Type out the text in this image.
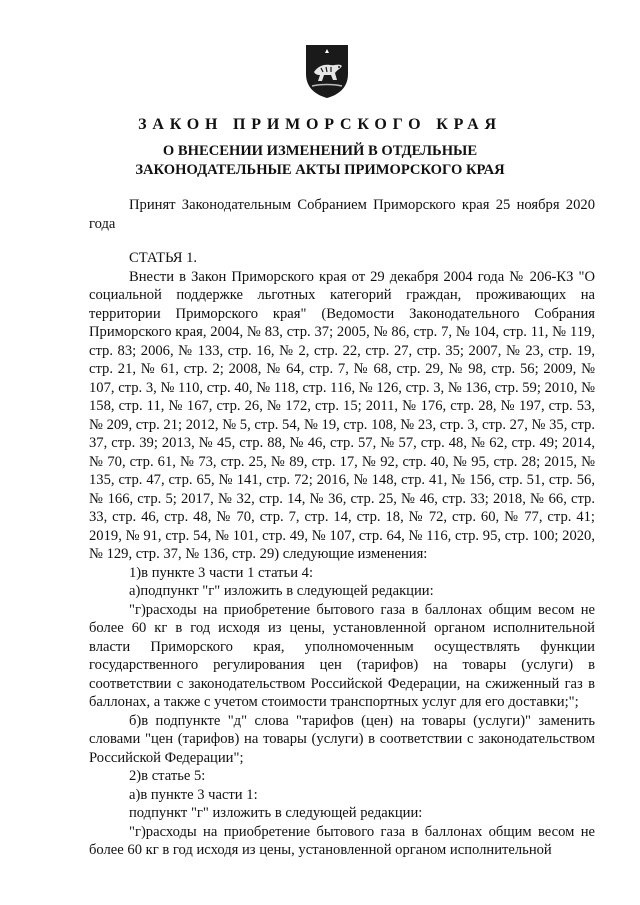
ЗАКОН ПРИМОРСКОГО КРАЯ
О ВНЕСЕНИИ ИЗМЕНЕНИЙ В ОТДЕЛЬНЫЕ
ЗАКОНОДАТЕЛЬНЫЕ АКТЫ ПРИМОРСКОГО КРАЯ

Принят Законодательным Собранием Приморского края 25 ноября 2020 года

СТАТЬЯ 1.

Внести в Закон Приморского края от 29 декабря 2004 года № 206-КЗ "О социальной поддержке льготных категорий граждан, проживающих на территории Приморского края" (Ведомости Законодательного Собрания Приморского края, 2004, № 83, стр. 37; 2005, № 86, стр. 7, № 104, стр. 11, № 119, стр. 83; 2006, № 133, стр. 16, № 2, стр. 22, стр. 27, стр. 35; 2007, № 23, стр. 19, стр. 21, № 61, стр. 2; 2008, № 64, стр. 7, № 68, стр. 29, № 98, стр. 56; 2009, № 107, стр. 3, № 110, стр. 40, № 118, стр. 116, № 126, стр. 3, № 136, стр. 59; 2010, № 158, стр. 11, № 167, стр. 26, № 172, стр. 15; 2011, № 176, стр. 28, № 197, стр. 53, № 209, стр. 21; 2012, № 5, стр. 54, № 19, стр. 108, № 23, стр. 3, стр. 27, № 35, стр. 37, стр. 39; 2013, № 45, стр. 88, № 46, стр. 57, № 57, стр. 48, № 62, стр. 49; 2014, № 70, стр. 61, № 73, стр. 25, № 89, стр. 17, № 92, стр. 40, № 95, стр. 28; 2015, № 135, стр. 47, стр. 65, № 141, стр. 72; 2016, № 148, стр. 41, № 156, стр. 51, стр. 56, № 166, стр. 5; 2017, № 32, стр. 14, № 36, стр. 25, № 46, стр. 33; 2018, № 66, стр. 33, стр. 46, стр. 48, № 70, стр. 7, стр. 14, стр. 18, № 72, стр. 60, № 77, стр. 41; 2019, № 91, стр. 54, № 101, стр. 49, № 107, стр. 64, № 116, стр. 95, стр. 100; 2020, № 129, стр. 37, № 136, стр. 29) следующие изменения:

1)в пункте 3 части 1 статьи 4:

а)подпункт "г" изложить в следующей редакции:

"г)расходы на приобретение бытового газа в баллонах общим весом не более 60 кг в год исходя из цены, установленной органом исполнительной власти Приморского края, уполномоченным осуществлять функции государственного регулирования цен (тарифов) на товары (услуги) в соответствии с законодательством Российской Федерации, на сжиженный газ в баллонах, а также с учетом стоимости транспортных услуг для его доставки;";

б)в подпункте "д" слова "тарифов (цен) на товары (услуги)" заменить словами "цен (тарифов) на товары (услуги) в соответствии с законодательством Российской Федерации";

2)в статье 5:

а)в пункте 3 части 1:

подпункт "г" изложить в следующей редакции:

"г)расходы на приобретение бытового газа в баллонах общим весом не более 60 кг в год исходя из цены, установленной органом исполнительной
